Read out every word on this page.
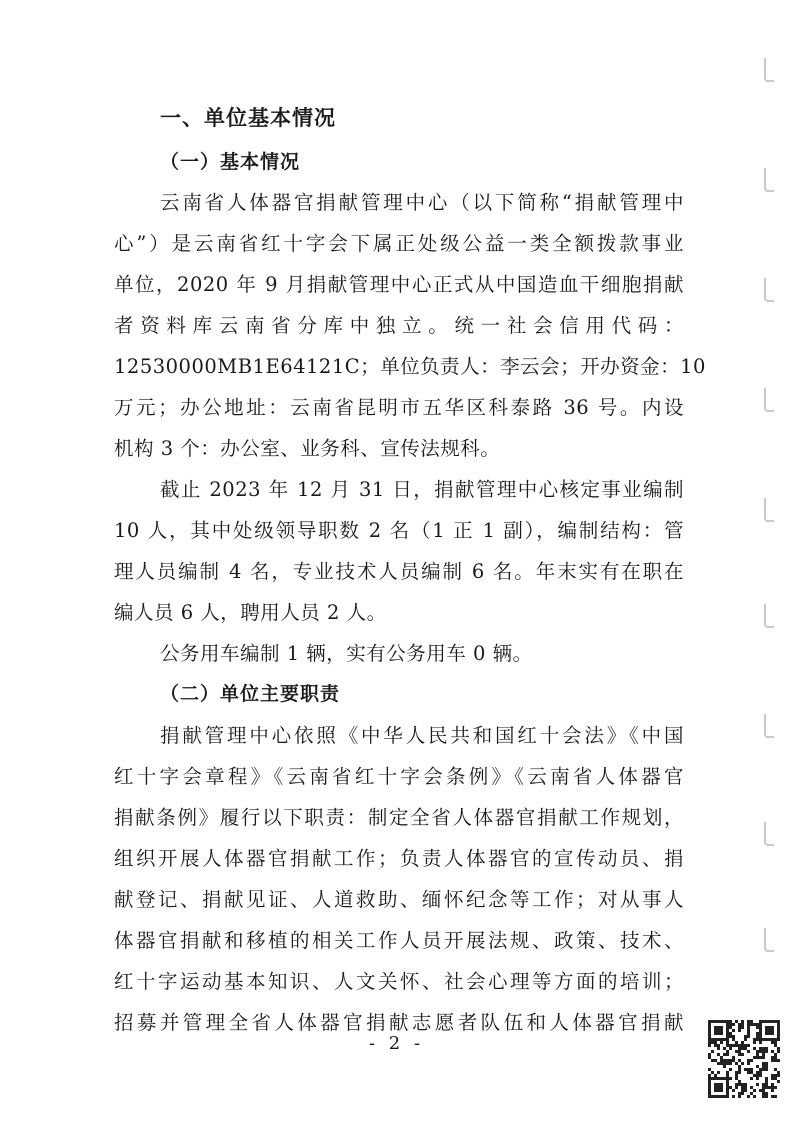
一、单位基本情况
（一）基本情况
云南省人体器官捐献管理中心（以下简称“捐献管理中
心”）是云南省红十字会下属正处级公益一类全额拨款事业
单位，2020 年 9 月捐献管理中心正式从中国造血干细胞捐献
者资料库云南省分库中独立。统一社会信用代码：
12530000MB1E64121C；单位负责人：李云会；开办资金：10
万元；办公地址：云南省昆明市五华区科泰路 36 号。内设
机构 3 个：办公室、业务科、宣传法规科。
截止 2023 年 12 月 31 日，捐献管理中心核定事业编制
10 人，其中处级领导职数 2 名（1 正 1 副），编制结构：管
理人员编制 4 名，专业技术人员编制 6 名。年末实有在职在
编人员 6 人，聘用人员 2 人。
公务用车编制 1 辆，实有公务用车 0 辆。
（二）单位主要职责
捐献管理中心依照《中华人民共和国红十会法》《中国
红十字会章程》《云南省红十字会条例》《云南省人体器官
捐献条例》履行以下职责：制定全省人体器官捐献工作规划，
组织开展人体器官捐献工作；负责人体器官的宣传动员、捐
献登记、捐献见证、人道救助、缅怀纪念等工作；对从事人
体器官捐献和移植的相关工作人员开展法规、政策、技术、
红十字运动基本知识、人文关怀、社会心理等方面的培训；
招募并管理全省人体器官捐献志愿者队伍和人体器官捐献
- 2 -
